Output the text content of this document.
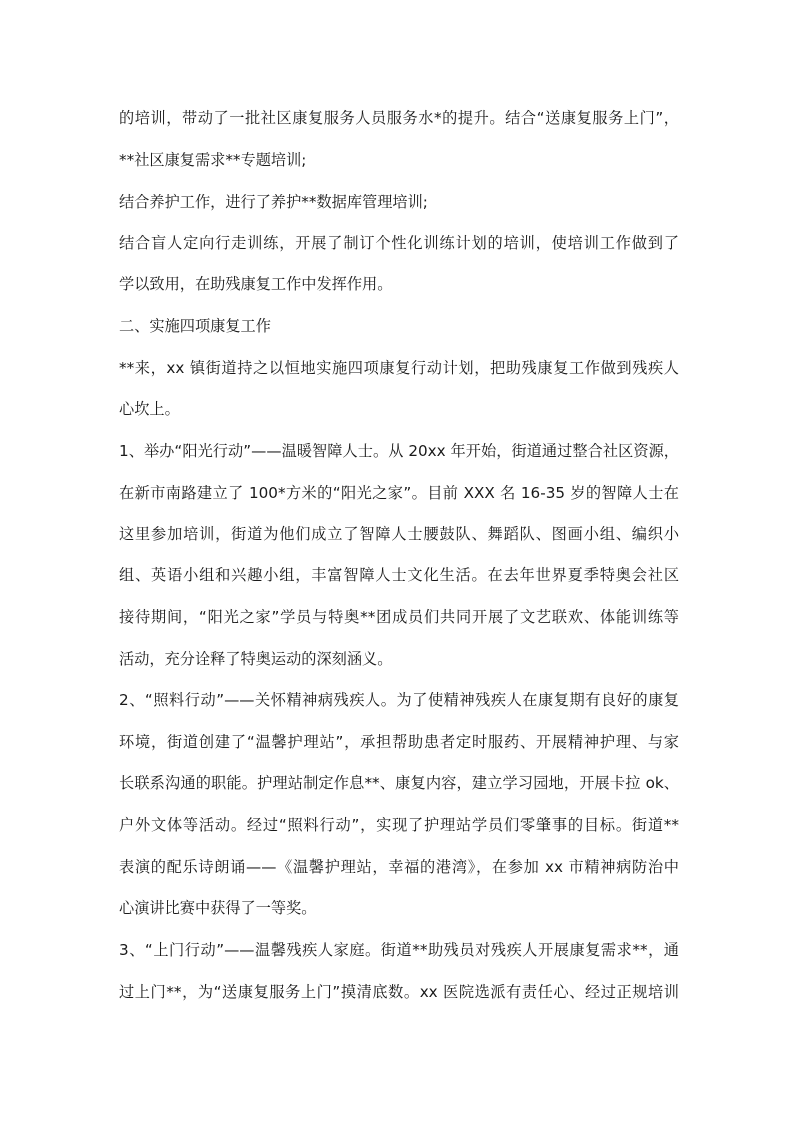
的培训，带动了一批社区康复服务人员服务水*的提升。结合“送康复服务上门”，
**社区康复需求**专题培训;
结合养护工作，进行了养护**数据库管理培训;
结合盲人定向行走训练，开展了制订个性化训练计划的培训，使培训工作做到了
学以致用，在助残康复工作中发挥作用。
二、实施四项康复工作
**来，xx 镇街道持之以恒地实施四项康复行动计划，把助残康复工作做到残疾人
心坎上。
1、举办“阳光行动”——温暖智障人士。从 20xx 年开始，街道通过整合社区资源，
在新市南路建立了 100*方米的“阳光之家”。目前 XXX 名 16-35 岁的智障人士在
这里参加培训，街道为他们成立了智障人士腰鼓队、舞蹈队、图画小组、编织小
组、英语小组和兴趣小组，丰富智障人士文化生活。在去年世界夏季特奥会社区
接待期间，“阳光之家”学员与特奥**团成员们共同开展了文艺联欢、体能训练等
活动，充分诠释了特奥运动的深刻涵义。
2、“照料行动”——关怀精神病残疾人。为了使精神残疾人在康复期有良好的康复
环境，街道创建了“温馨护理站”，承担帮助患者定时服药、开展精神护理、与家
长联系沟通的职能。护理站制定作息**、康复内容，建立学习园地，开展卡拉 ok、
户外文体等活动。经过“照料行动”，实现了护理站学员们零肇事的目标。街道**
表演的配乐诗朗诵——《温馨护理站，幸福的港湾》，在参加 xx 市精神病防治中
心演讲比赛中获得了一等奖。
3、“上门行动”——温馨残疾人家庭。街道**助残员对残疾人开展康复需求**，通
过上门**，为“送康复服务上门”摸清底数。xx 医院选派有责任心、经过正规培训
